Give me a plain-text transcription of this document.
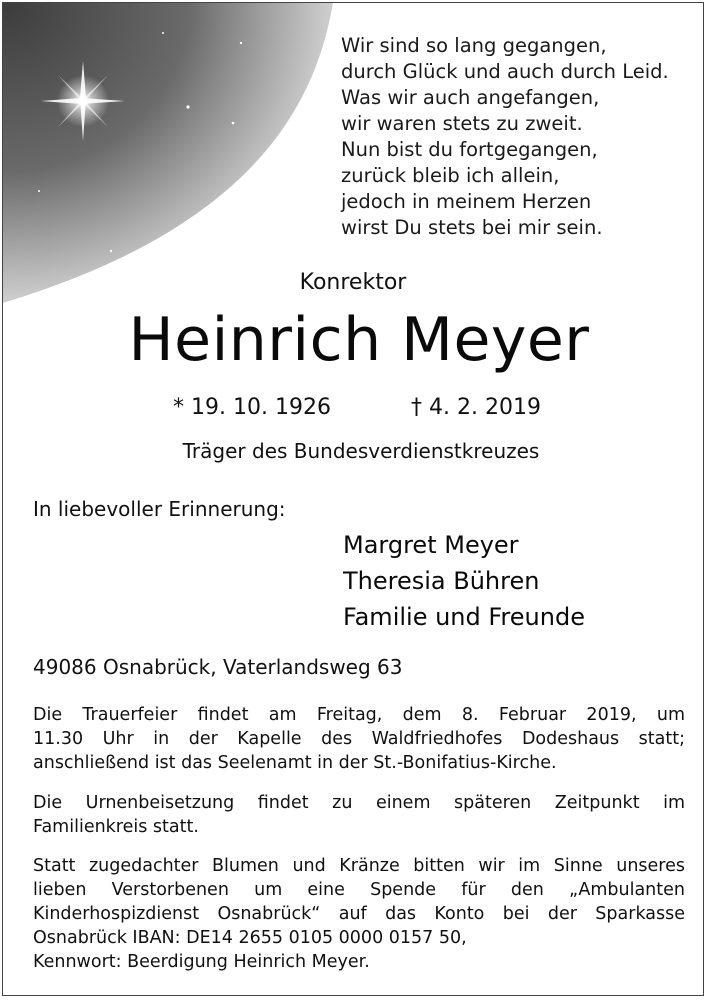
Wir sind so lang gegangen,
durch Glück und auch durch Leid.
Was wir auch angefangen,
wir waren stets zu zweit.
Nun bist du fortgegangen,
zurück bleib ich allein,
jedoch in meinem Herzen
wirst Du stets bei mir sein.
Konrektor
Heinrich Meyer
* 19. 10. 1926	† 4. 2. 2019
Träger des Bundesverdienstkreuzes
In liebevoller Erinnerung:
Margret Meyer
Theresia Bühren
Familie und Freunde
49086 Osnabrück, Vaterlandsweg 63
Die Trauerfeier findet am Freitag, dem 8. Februar 2019, um
11.30 Uhr in der Kapelle des Waldfriedhofes Dodeshaus statt;
anschließend ist das Seelenamt in der St.-Bonifatius-Kirche.
Die Urnenbeisetzung findet zu einem späteren Zeitpunkt im
Familienkreis statt.
Statt zugedachter Blumen und Kränze bitten wir im Sinne unseres
lieben Verstorbenen um eine Spende für den „Ambulanten
Kinderhospizdienst Osnabrück“ auf das Konto bei der Sparkasse
Osnabrück IBAN: DE14 2655 0105 0000 0157 50,
Kennwort: Beerdigung Heinrich Meyer.
